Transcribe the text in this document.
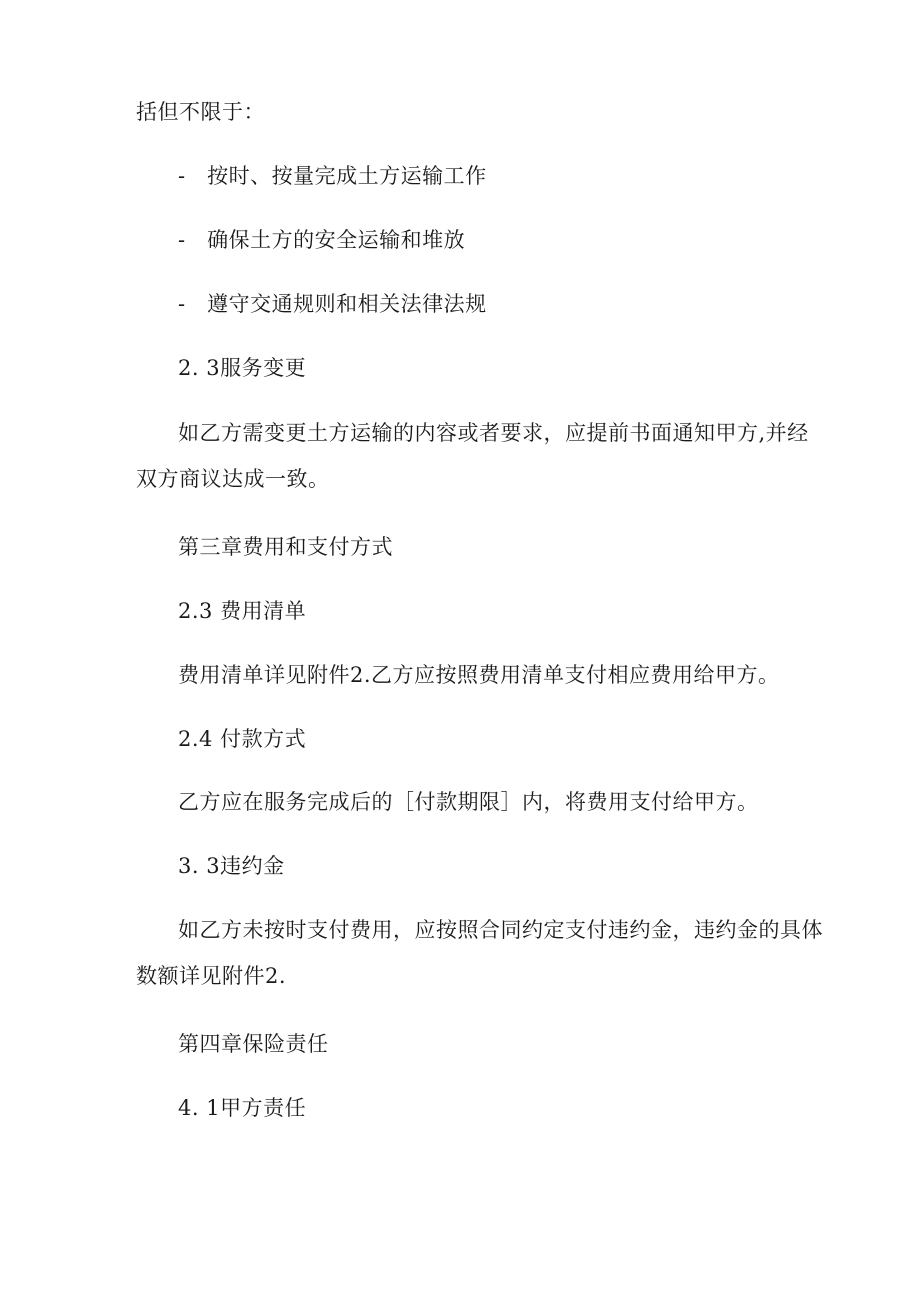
括但不限于：
-　按时、按量完成土方运输工作
-　确保土方的安全运输和堆放
-　遵守交通规则和相关法律法规
2. 3服务变更
如乙方需变更土方运输的内容或者要求，应提前书面通知甲方,并经
双方商议达成一致。
第三章费用和支付方式
2.3 费用清单
费用清单详见附件2.乙方应按照费用清单支付相应费用给甲方。
2.4 付款方式
乙方应在服务完成后的［付款期限］内，将费用支付给甲方。
3. 3违约金
如乙方未按时支付费用，应按照合同约定支付违约金，违约金的具体
数额详见附件2.
第四章保险责任
4. 1甲方责任
